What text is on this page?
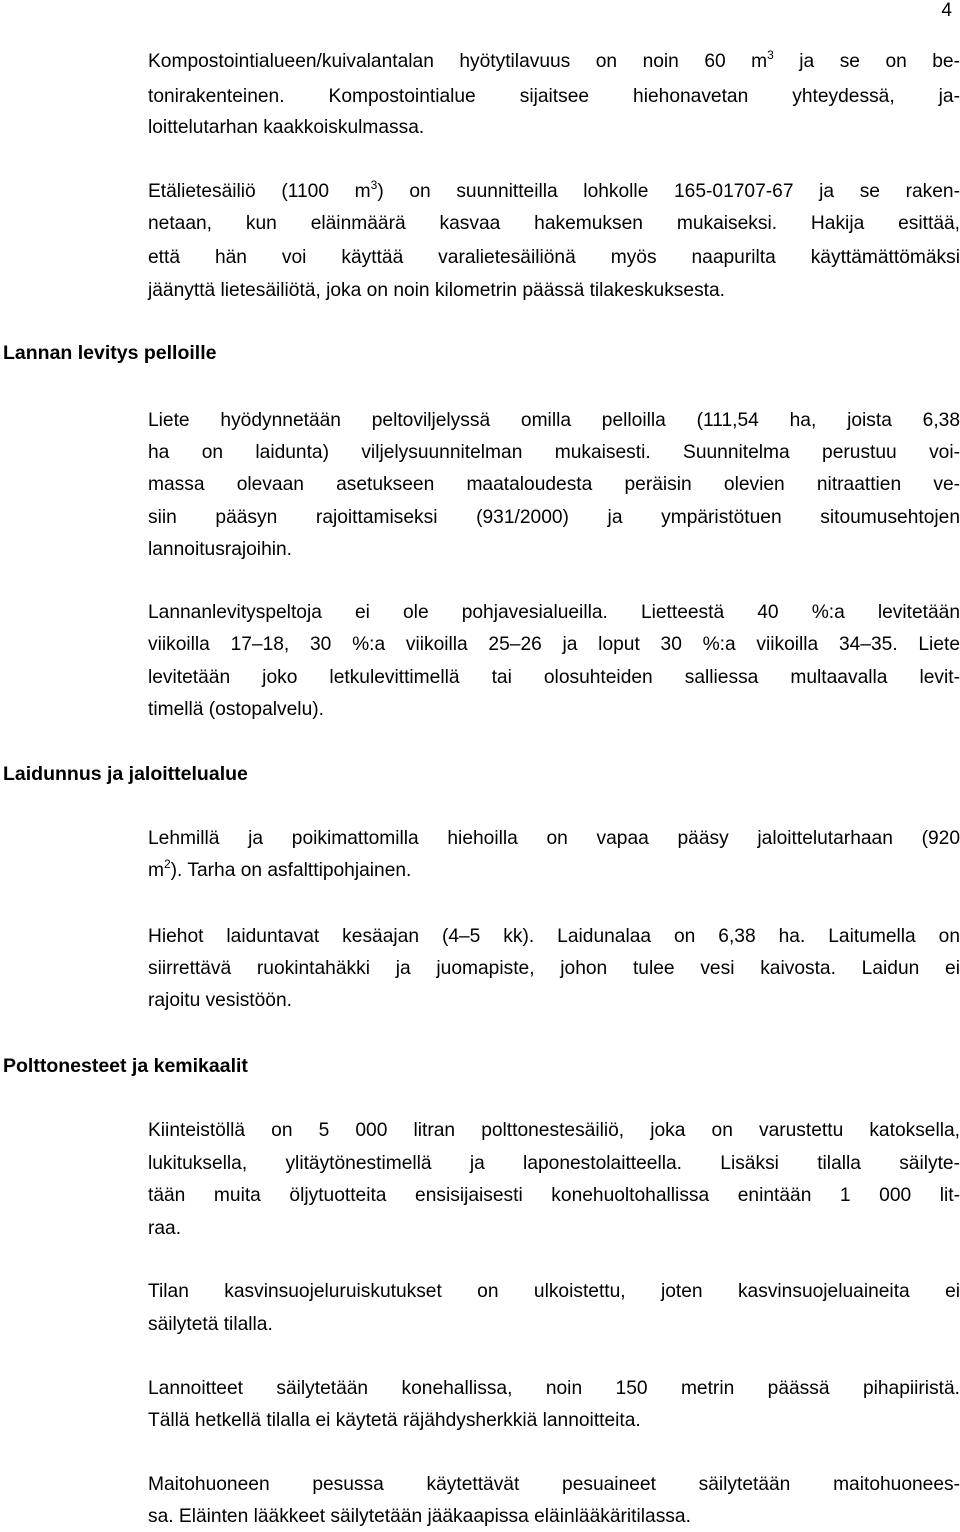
4
Kompostointialueen/kuivalantalan hyötytilavuus on noin 60 $m^3$ ja se on be-
tonirakenteinen. Kompostointialue sijaitsee hiehonavetan yhteydessä, ja-
loittelutarhan kaakkoiskulmassa.
Etälietesäiliö (1100 $m^3$) on suunnitteilla lohkolle 165-01707-67 ja se raken-
netaan, kun eläinmäärä kasvaa hakemuksen mukaiseksi. Hakija esittää,
että hän voi käyttää varalietesäiliönä myös naapurilta käyttämättömäksi
jäänyttä lietesäiliötä, joka on noin kilometrin päässä tilakeskuksesta.
Lannan levitys pelloille
Liete hyödynnetään peltoviljelyssä omilla pelloilla (111,54 ha, joista 6,38
ha on laidunta) viljelysuunnitelman mukaisesti. Suunnitelma perustuu voi-
massa olevaan asetukseen maataloudesta peräisin olevien nitraattien ve-
siin pääsyn rajoittamiseksi (931/2000) ja ympäristötuen sitoumusehtojen
lannoitusrajoihin.
Lannanlevityspeltoja ei ole pohjavesialueilla. Lietteestä 40 %:a levitetään
viikoilla 17–18, 30 %:a viikoilla 25–26 ja loput 30 %:a viikoilla 34–35. Liete
levitetään joko letkulevittimellä tai olosuhteiden salliessa multaavalla levit-
timellä (ostopalvelu).
Laidunnus ja jaloittelualue
Lehmillä ja poikimattomilla hiehoilla on vapaa pääsy jaloittelutarhaan (920
$m^2$). Tarha on asfalttipohjainen.
Hiehot laiduntavat kesäajan (4–5 kk). Laidunalaa on 6,38 ha. Laitumella on
siirrettävä ruokintahäkki ja juomapiste, johon tulee vesi kaivosta. Laidun ei
rajoitu vesistöön.
Polttonesteet ja kemikaalit
Kiinteistöllä on 5 000 litran polttonestesäiliö, joka on varustettu katoksella,
lukituksella, ylitäytönestimellä ja laponestolaitteella. Lisäksi tilalla säilyte-
tään muita öljytuotteita ensisijaisesti konehuoltohallissa enintään 1 000 lit-
raa.
Tilan kasvinsuojeluruiskutukset on ulkoistettu, joten kasvinsuojeluaineita ei
säilytetä tilalla.
Lannoitteet säilytetään konehallissa, noin 150 metrin päässä pihapiiristä.
Tällä hetkellä tilalla ei käytetä räjähdysherkkiä lannoitteita.
Maitohuoneen pesussa käytettävät pesuaineet säilytetään maitohuonees-
sa. Eläinten lääkkeet säilytetään jääkaapissa eläinlääkäritilassa.
